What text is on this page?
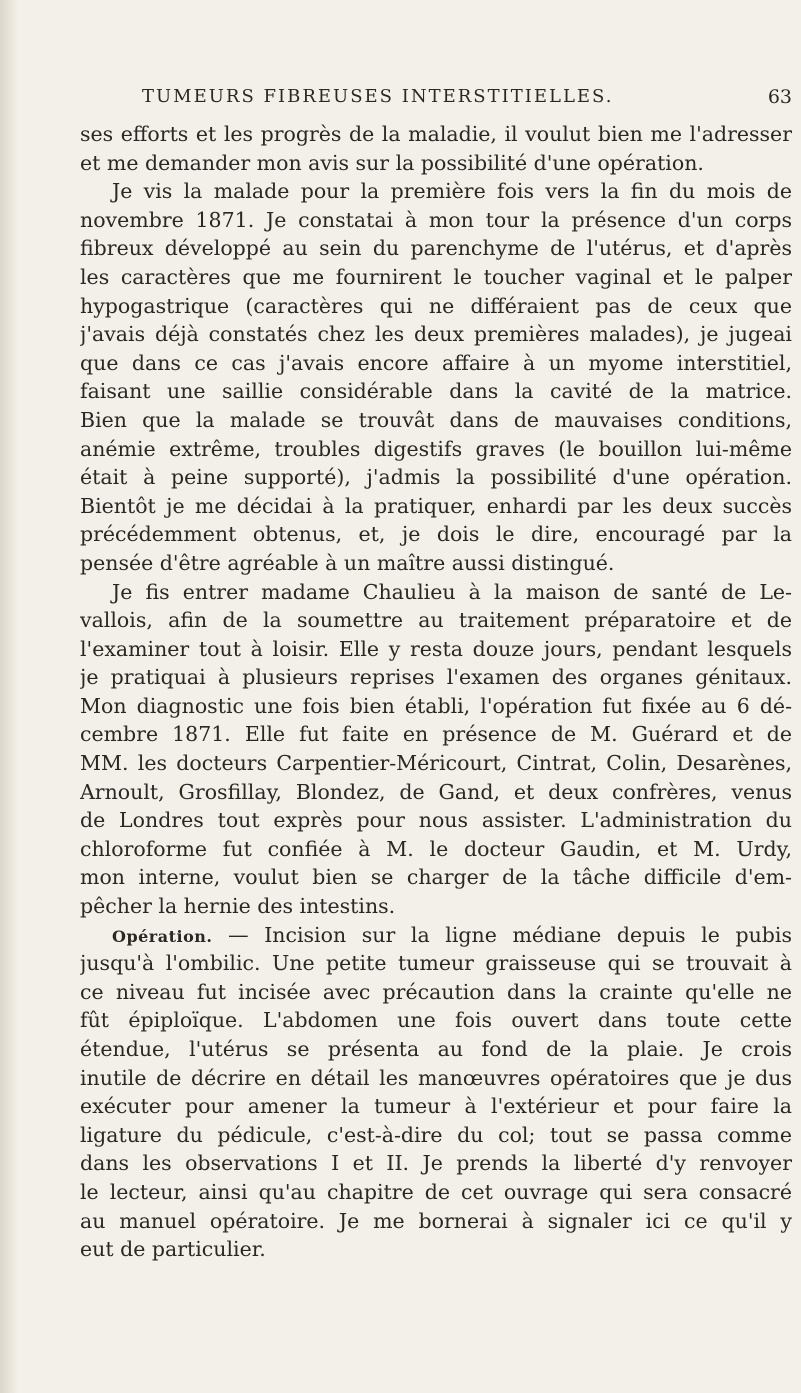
TUMEURS FIBREUSES INTERSTITIELLES.	63
ses efforts et les progrès de la maladie, il voulut bien me l'adresser
et me demander mon avis sur la possibilité d'une opération.
Je vis la malade pour la première fois vers la fin du mois de
novembre 1871. Je constatai à mon tour la présence d'un corps
fibreux développé au sein du parenchyme de l'utérus, et d'après
les caractères que me fournirent le toucher vaginal et le palper
hypogastrique (caractères qui ne différaient pas de ceux que
j'avais déjà constatés chez les deux premières malades), je jugeai
que dans ce cas j'avais encore affaire à un myome interstitiel,
faisant une saillie considérable dans la cavité de la matrice.
Bien que la malade se trouvât dans de mauvaises conditions,
anémie extrême, troubles digestifs graves (le bouillon lui-même
était à peine supporté), j'admis la possibilité d'une opération.
Bientôt je me décidai à la pratiquer, enhardi par les deux succès
précédemment obtenus, et, je dois le dire, encouragé par la
pensée d'être agréable à un maître aussi distingué.
Je fis entrer madame Chaulieu à la maison de santé de Le-
vallois, afin de la soumettre au traitement préparatoire et de
l'examiner tout à loisir. Elle y resta douze jours, pendant lesquels
je pratiquai à plusieurs reprises l'examen des organes génitaux.
Mon diagnostic une fois bien établi, l'opération fut fixée au 6 dé-
cembre 1871. Elle fut faite en présence de M. Guérard et de
MM. les docteurs Carpentier-Méricourt, Cintrat, Colin, Desarènes,
Arnoult, Grosfillay, Blondez, de Gand, et deux confrères, venus
de Londres tout exprès pour nous assister. L'administration du
chloroforme fut confiée à M. le docteur Gaudin, et M. Urdy,
mon interne, voulut bien se charger de la tâche difficile d'em-
pêcher la hernie des intestins.
Opération. — Incision sur la ligne médiane depuis le pubis
jusqu'à l'ombilic. Une petite tumeur graisseuse qui se trouvait à
ce niveau fut incisée avec précaution dans la crainte qu'elle ne
fût épiploïque. L'abdomen une fois ouvert dans toute cette
étendue, l'utérus se présenta au fond de la plaie. Je crois
inutile de décrire en détail les manœuvres opératoires que je dus
exécuter pour amener la tumeur à l'extérieur et pour faire la
ligature du pédicule, c'est-à-dire du col; tout se passa comme
dans les observations I et II. Je prends la liberté d'y renvoyer
le lecteur, ainsi qu'au chapitre de cet ouvrage qui sera consacré
au manuel opératoire. Je me bornerai à signaler ici ce qu'il y
eut de particulier.
